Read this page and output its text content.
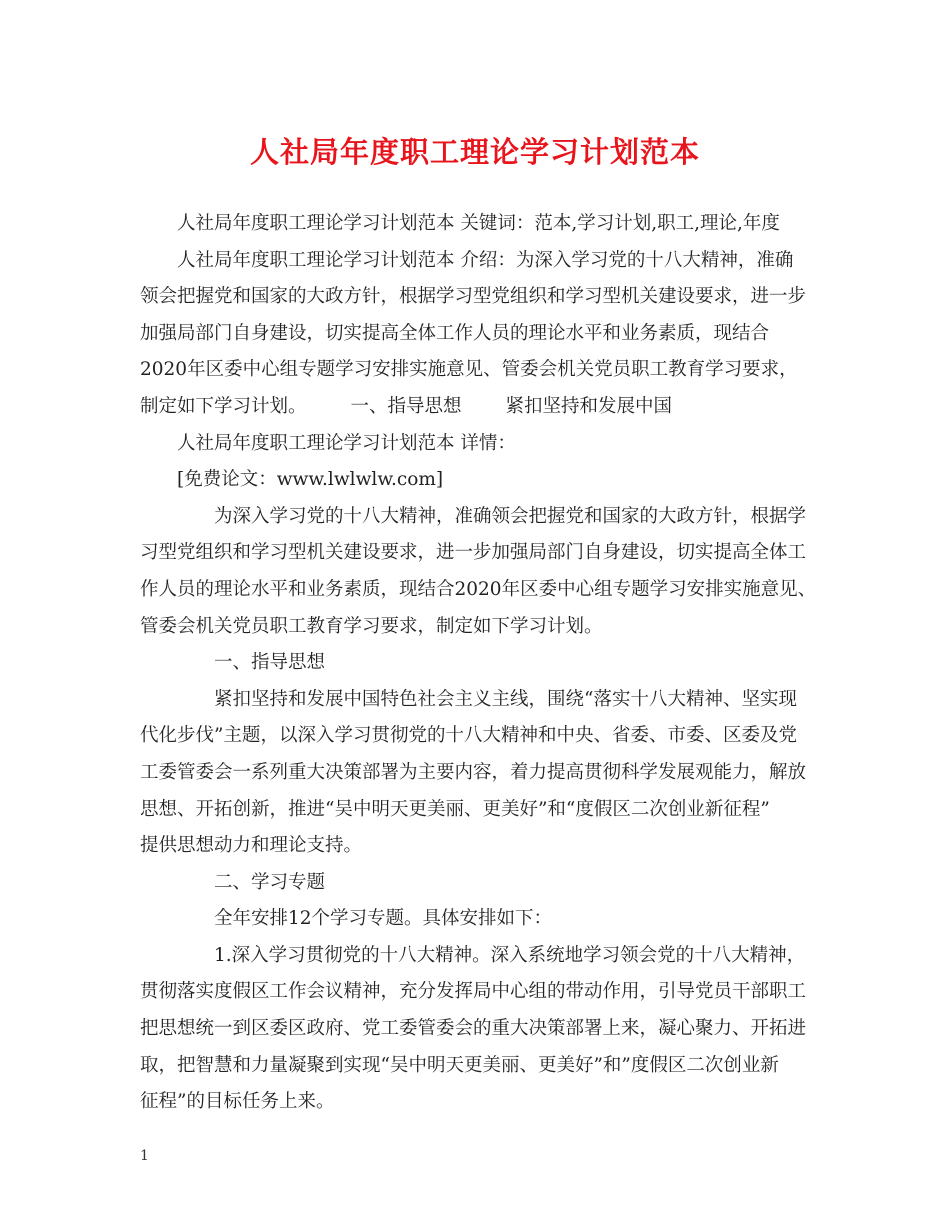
人社局年度职工理论学习计划范本
人社局年度职工理论学习计划范本 关键词：范本,学习计划,职工,理论,年度
人社局年度职工理论学习计划范本 介绍：为深入学习党的十八大精神，准确
领会把握党和国家的大政方针，根据学习型党组织和学习型机关建设要求，进一步
加强局部门自身建设，切实提高全体工作人员的理论水平和业务素质，现结合
2020年区委中心组专题学习安排实施意见、管委会机关党员职工教育学习要求，
制定如下学习计划。 一、指导思想 紧扣坚持和发展中国
人社局年度职工理论学习计划范本 详情：
[免费论文：www.lwlwlw.com]
为深入学习党的十八大精神，准确领会把握党和国家的大政方针，根据学
习型党组织和学习型机关建设要求，进一步加强局部门自身建设，切实提高全体工
作人员的理论水平和业务素质，现结合2020年区委中心组专题学习安排实施意见、
管委会机关党员职工教育学习要求，制定如下学习计划。
一、指导思想
紧扣坚持和发展中国特色社会主义主线，围绕“落实十八大精神、坚实现
代化步伐”主题，以深入学习贯彻党的十八大精神和中央、省委、市委、区委及党
工委管委会一系列重大决策部署为主要内容，着力提高贯彻科学发展观能力，解放
思想、开拓创新，推进“吴中明天更美丽、更美好”和“度假区二次创业新征程”
提供思想动力和理论支持。
二、学习专题
全年安排12个学习专题。具体安排如下：
1.深入学习贯彻党的十八大精神。深入系统地学习领会党的十八大精神，
贯彻落实度假区工作会议精神，充分发挥局中心组的带动作用，引导党员干部职工
把思想统一到区委区政府、党工委管委会的重大决策部署上来，凝心聚力、开拓进
取，把智慧和力量凝聚到实现“吴中明天更美丽、更美好”和”度假区二次创业新
征程”的目标任务上来。
1
